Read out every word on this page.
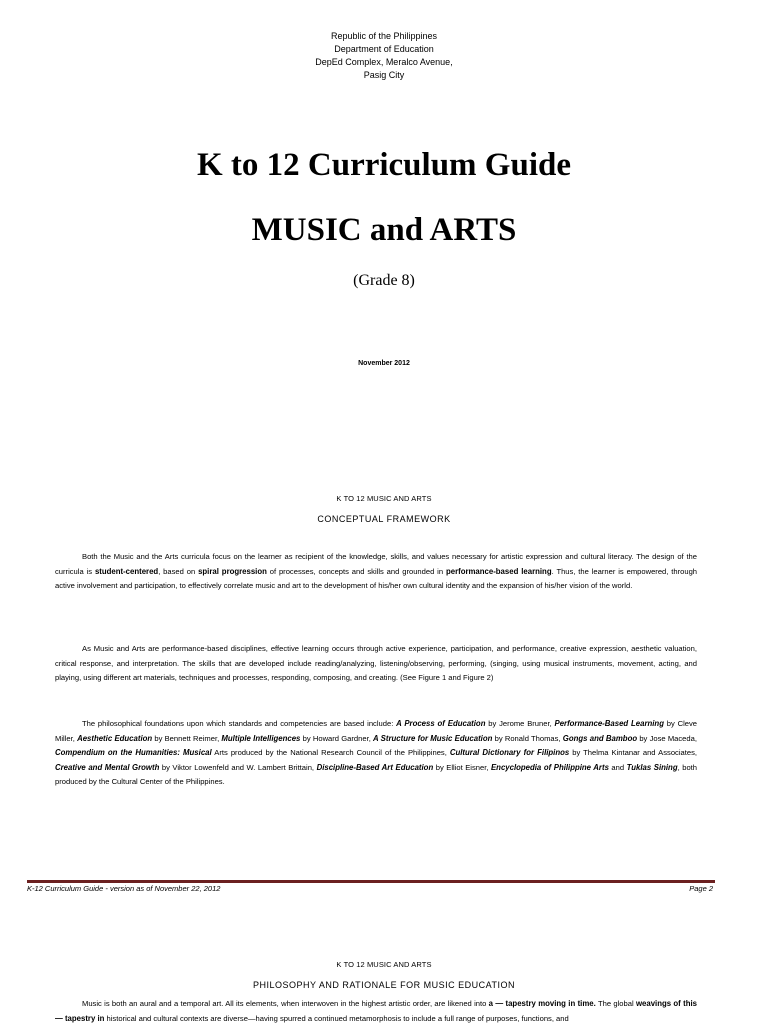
Republic of the Philippines
Department of Education
DepEd Complex, Meralco Avenue,
Pasig City
K to 12 Curriculum Guide
MUSIC and ARTS
(Grade 8)
November 2012
K TO 12 MUSIC AND ARTS
CONCEPTUAL FRAMEWORK
Both the Music and the Arts curricula focus on the learner as recipient of the knowledge, skills, and values necessary for artistic expression and cultural literacy. The design of the curricula is student-centered, based on spiral progression of processes, concepts and skills and grounded in performance-based learning. Thus, the learner is empowered, through active involvement and participation, to effectively correlate music and art to the development of his/her own cultural identity and the expansion of his/her vision of the world.
As Music and Arts are performance-based disciplines, effective learning occurs through active experience, participation, and performance, creative expression, aesthetic valuation, critical response, and interpretation. The skills that are developed include reading/analyzing, listening/observing, performing, (singing, using musical instruments, movement, acting, and playing, using different art materials, techniques and processes, responding, composing, and creating. (See Figure 1 and Figure 2)
The philosophical foundations upon which standards and competencies are based include: A Process of Education by Jerome Bruner, Performance-Based Learning by Cleve Miller, Aesthetic Education by Bennett Reimer, Multiple Intelligences by Howard Gardner, A Structure for Music Education by Ronald Thomas, Gongs and Bamboo by Jose Maceda, Compendium on the Humanities: Musical Arts produced by the National Research Council of the Philippines, Cultural Dictionary for Filipinos by Thelma Kintanar and Associates, Creative and Mental Growth by Viktor Lowenfeld and W. Lambert Brittain, Discipline-Based Art Education by Elliot Eisner, Encyclopedia of Philippine Arts and Tuklas Sining, both produced by the Cultural Center of the Philippines.
K-12 Curriculum Guide - version as of November 22, 2012	Page 2
K TO 12 MUSIC AND ARTS
PHILOSOPHY AND RATIONALE FOR MUSIC EDUCATION
Music is both an aural and a temporal art. All its elements, when interwoven in the highest artistic order, are likened into a — tapestry moving in time. The global weavings of this — tapestry in historical and cultural contexts are diverse—having spurred a continued metamorphosis to include a full range of purposes, functions, and
